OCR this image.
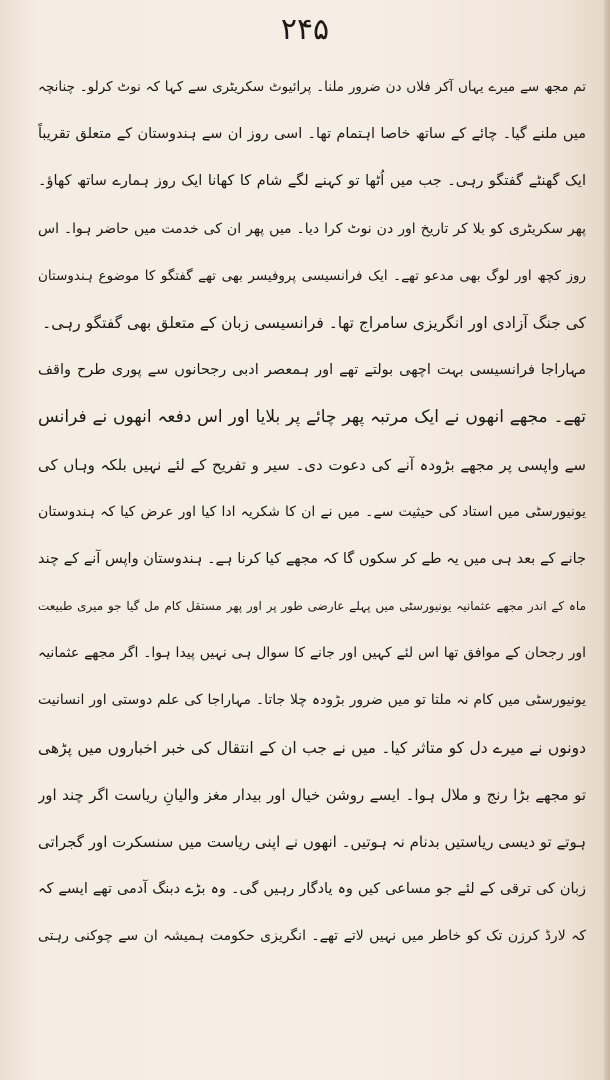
۲۴۵
تم مجھ سے میرے یہاں آکر فلاں دن ضرور ملنا۔ پرائیوٹ سکریٹری سے کہا کہ نوٹ کرلو۔ چنانچہ
میں ملنے گیا۔ چائے کے ساتھ خاصا اہتمام تھا۔ اسی روز ان سے ہندوستان کے متعلق تقریباً
ایک گھنٹے گفتگو رہی۔ جب میں اُٹھا تو کہنے لگے شام کا کھانا ایک روز ہمارے ساتھ کھاؤ۔
پھر سکریٹری کو بلا کر تاریخ اور دن نوٹ کرا دیا۔ میں پھر ان کی خدمت میں حاضر ہوا۔ اس
روز کچھ اور لوگ بھی مدعو تھے۔ ایک فرانسیسی پروفیسر بھی تھے گفتگو کا موضوع ہندوستان
کی جنگ آزادی اور انگریزی سامراج تھا۔ فرانسیسی زبان کے متعلق بھی گفتگو رہی۔
مہاراجا فرانسیسی بہت اچھی بولتے تھے اور ہمعصر ادبی رجحانوں سے پوری طرح واقف
تھے۔ مجھے انھوں نے ایک مرتبہ پھر چائے پر بلایا اور اس دفعہ انھوں نے فرانس
سے واپسی پر مجھے بڑودہ آنے کی دعوت دی۔ سیر و تفریح کے لئے نہیں بلکہ وہاں کی
یونیورسٹی میں استاد کی حیثیت سے۔ میں نے ان کا شکریہ ادا کیا اور عرض کیا کہ ہندوستان
جانے کے بعد ہی میں یہ طے کر سکوں گا کہ مجھے کیا کرنا ہے۔ ہندوستان واپس آنے کے چند
ماہ کے اندر مجھے عثمانیہ یونیورسٹی میں پہلے عارضی طور پر اور پھر مستقل کام مل گیا جو میری طبیعت
اور رجحان کے موافق تھا اس لئے کہیں اور جانے کا سوال ہی نہیں پیدا ہوا۔ اگر مجھے عثمانیہ
یونیورسٹی میں کام نہ ملتا تو میں ضرور بڑودہ چلا جاتا۔ مہاراجا کی علم دوستی اور انسانیت
دونوں نے میرے دل کو متاثر کیا۔ میں نے جب ان کے انتقال کی خبر اخباروں میں پڑھی
تو مجھے بڑا رنج و ملال ہوا۔ ایسے روشن خیال اور بیدار مغز والیانِ ریاست اگر چند اور
ہوتے تو دیسی ریاستیں بدنام نہ ہوتیں۔ انھوں نے اپنی ریاست میں سنسکرت اور گجراتی
زبان کی ترقی کے لئے جو مساعی کیں وہ یادگار رہیں گی۔ وہ بڑے دبنگ آدمی تھے ایسے کہ
کہ لارڈ کرزن تک کو خاطر میں نہیں لاتے تھے۔ انگریزی حکومت ہمیشہ ان سے چوکنی رہتی
